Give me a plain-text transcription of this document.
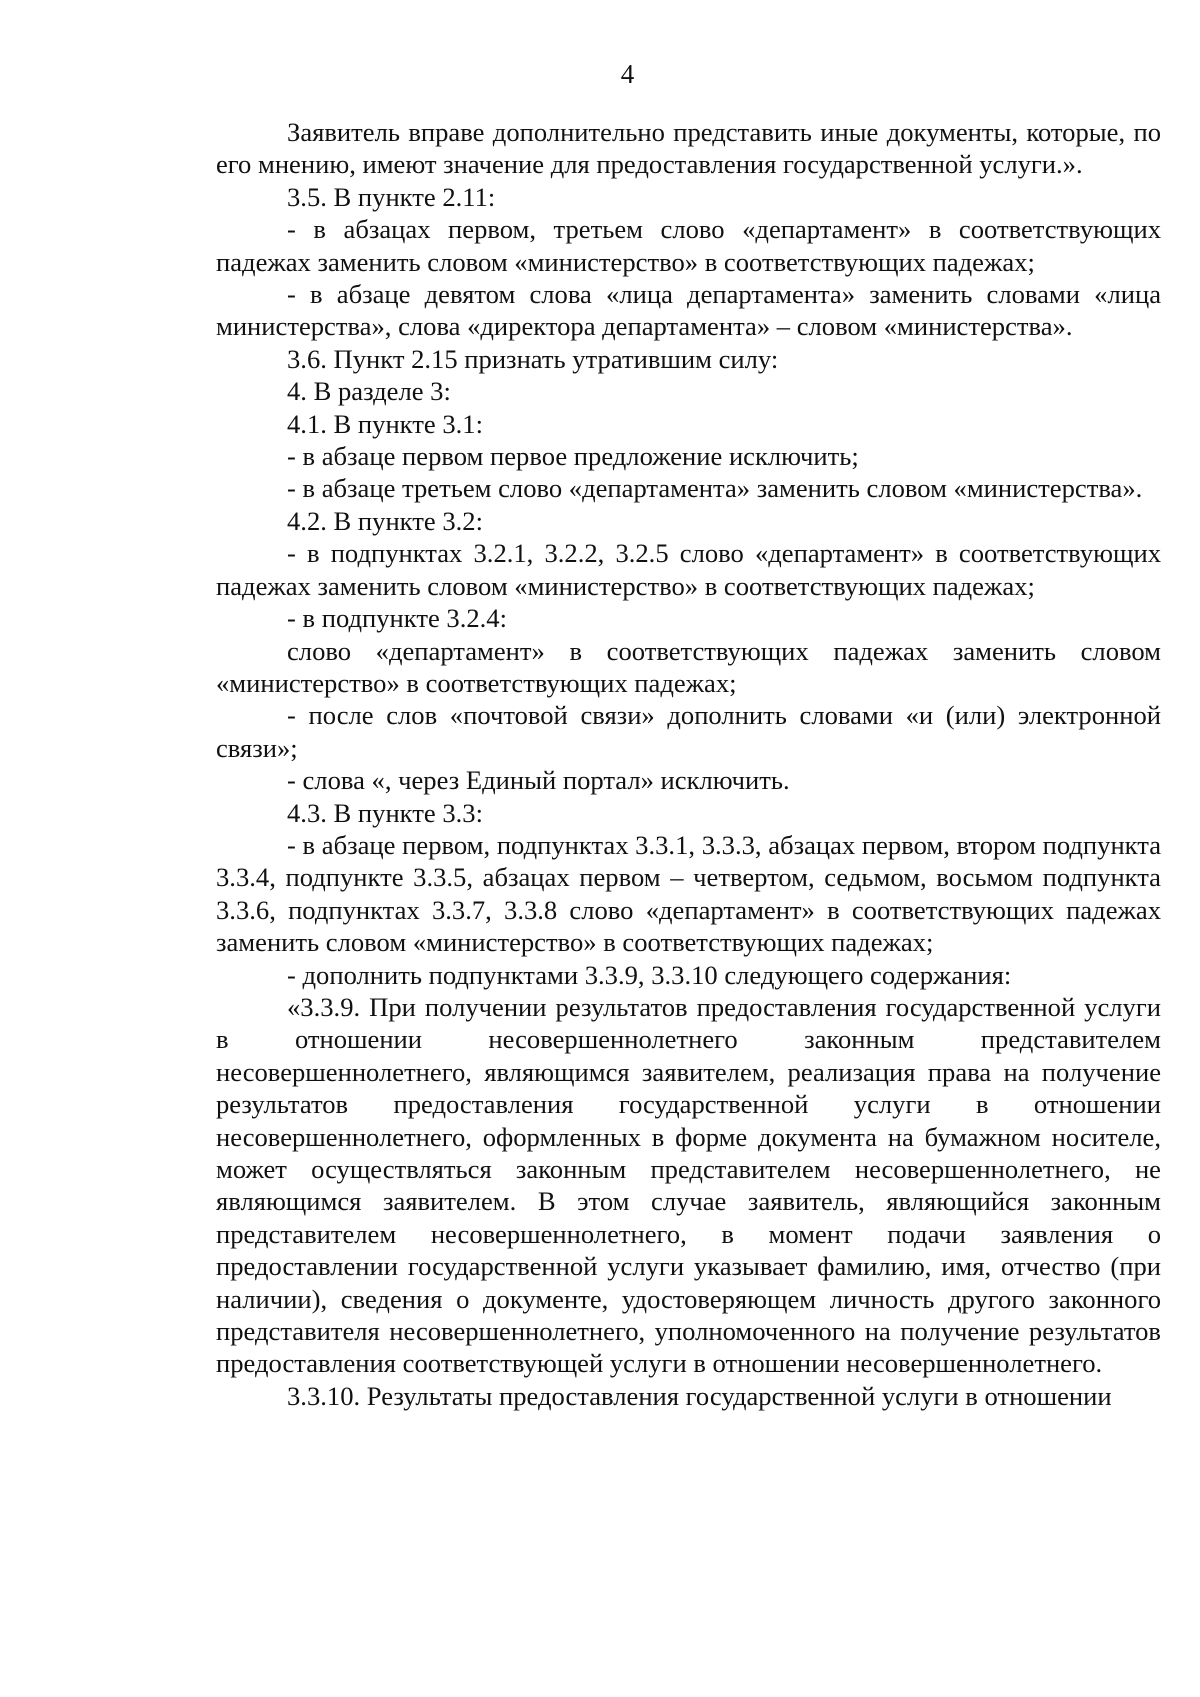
4

Заявитель вправе дополнительно представить иные документы, которые, по его мнению, имеют значение для предоставления государственной услуги.».

3.5. В пункте 2.11:

- в абзацах первом, третьем слово «департамент» в соответствующих падежах заменить словом «министерство» в соответствующих падежах;

- в абзаце девятом слова «лица департамента» заменить словами «лица министерства», слова «директора департамента» – словом «министерства».

3.6. Пункт 2.15 признать утратившим силу:

4. В разделе 3:

4.1. В пункте 3.1:

- в абзаце первом первое предложение исключить;

- в абзаце третьем слово «департамента» заменить словом «министерства».

4.2. В пункте 3.2:

- в подпунктах 3.2.1, 3.2.2, 3.2.5 слово «департамент» в соответствующих падежах заменить словом «министерство» в соответствующих падежах;

- в подпункте 3.2.4:

слово «департамент» в соответствующих падежах заменить словом «министерство» в соответствующих падежах;

- после слов «почтовой связи» дополнить словами «и (или) электронной связи»;

- слова «, через Единый портал» исключить.

4.3. В пункте 3.3:

- в абзаце первом, подпунктах 3.3.1, 3.3.3, абзацах первом, втором подпункта 3.3.4, подпункте 3.3.5, абзацах первом – четвертом, седьмом, восьмом подпункта 3.3.6, подпунктах 3.3.7, 3.3.8 слово «департамент» в соответствующих падежах заменить словом «министерство» в соответствующих падежах;

- дополнить подпунктами 3.3.9, 3.3.10 следующего содержания:

«3.3.9. При получении результатов предоставления государственной услуги в отношении несовершеннолетнего законным представителем несовершеннолетнего, являющимся заявителем, реализация права на получение результатов предоставления государственной услуги в отношении несовершеннолетнего, оформленных в форме документа на бумажном носителе, может осуществляться законным представителем несовершеннолетнего, не являющимся заявителем. В этом случае заявитель, являющийся законным представителем несовершеннолетнего, в момент подачи заявления о предоставлении государственной услуги указывает фамилию, имя, отчество (при наличии), сведения о документе, удостоверяющем личность другого законного представителя несовершеннолетнего, уполномоченного на получение результатов предоставления соответствующей услуги в отношении несовершеннолетнего.

3.3.10. Результаты предоставления государственной услуги в отношении
